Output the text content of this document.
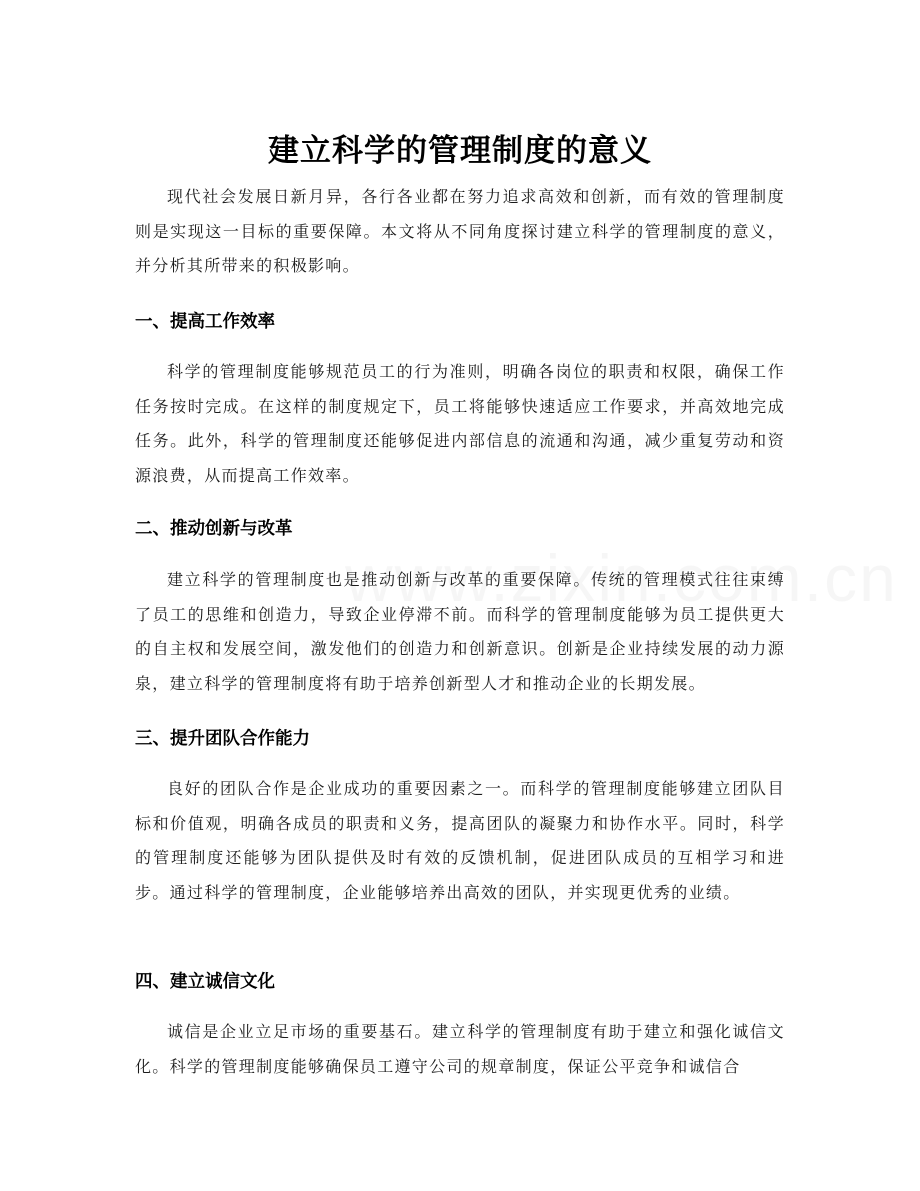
建立科学的管理制度的意义

现代社会发展日新月异，各行各业都在努力追求高效和创新，而有效的管理制度则是实现这一目标的重要保障。本文将从不同角度探讨建立科学的管理制度的意义，并分析其所带来的积极影响。

一、提高工作效率

科学的管理制度能够规范员工的行为准则，明确各岗位的职责和权限，确保工作任务按时完成。在这样的制度规定下，员工将能够快速适应工作要求，并高效地完成任务。此外，科学的管理制度还能够促进内部信息的流通和沟通，减少重复劳动和资源浪费，从而提高工作效率。

二、推动创新与改革

建立科学的管理制度也是推动创新与改革的重要保障。传统的管理模式往往束缚了员工的思维和创造力，导致企业停滞不前。而科学的管理制度能够为员工提供更大的自主权和发展空间，激发他们的创造力和创新意识。创新是企业持续发展的动力源泉，建立科学的管理制度将有助于培养创新型人才和推动企业的长期发展。

三、提升团队合作能力

良好的团队合作是企业成功的重要因素之一。而科学的管理制度能够建立团队目标和价值观，明确各成员的职责和义务，提高团队的凝聚力和协作水平。同时，科学的管理制度还能够为团队提供及时有效的反馈机制，促进团队成员的互相学习和进步。通过科学的管理制度，企业能够培养出高效的团队，并实现更优秀的业绩。

四、建立诚信文化

诚信是企业立足市场的重要基石。建立科学的管理制度有助于建立和强化诚信文化。科学的管理制度能够确保员工遵守公司的规章制度，保证公平竞争和诚信合
